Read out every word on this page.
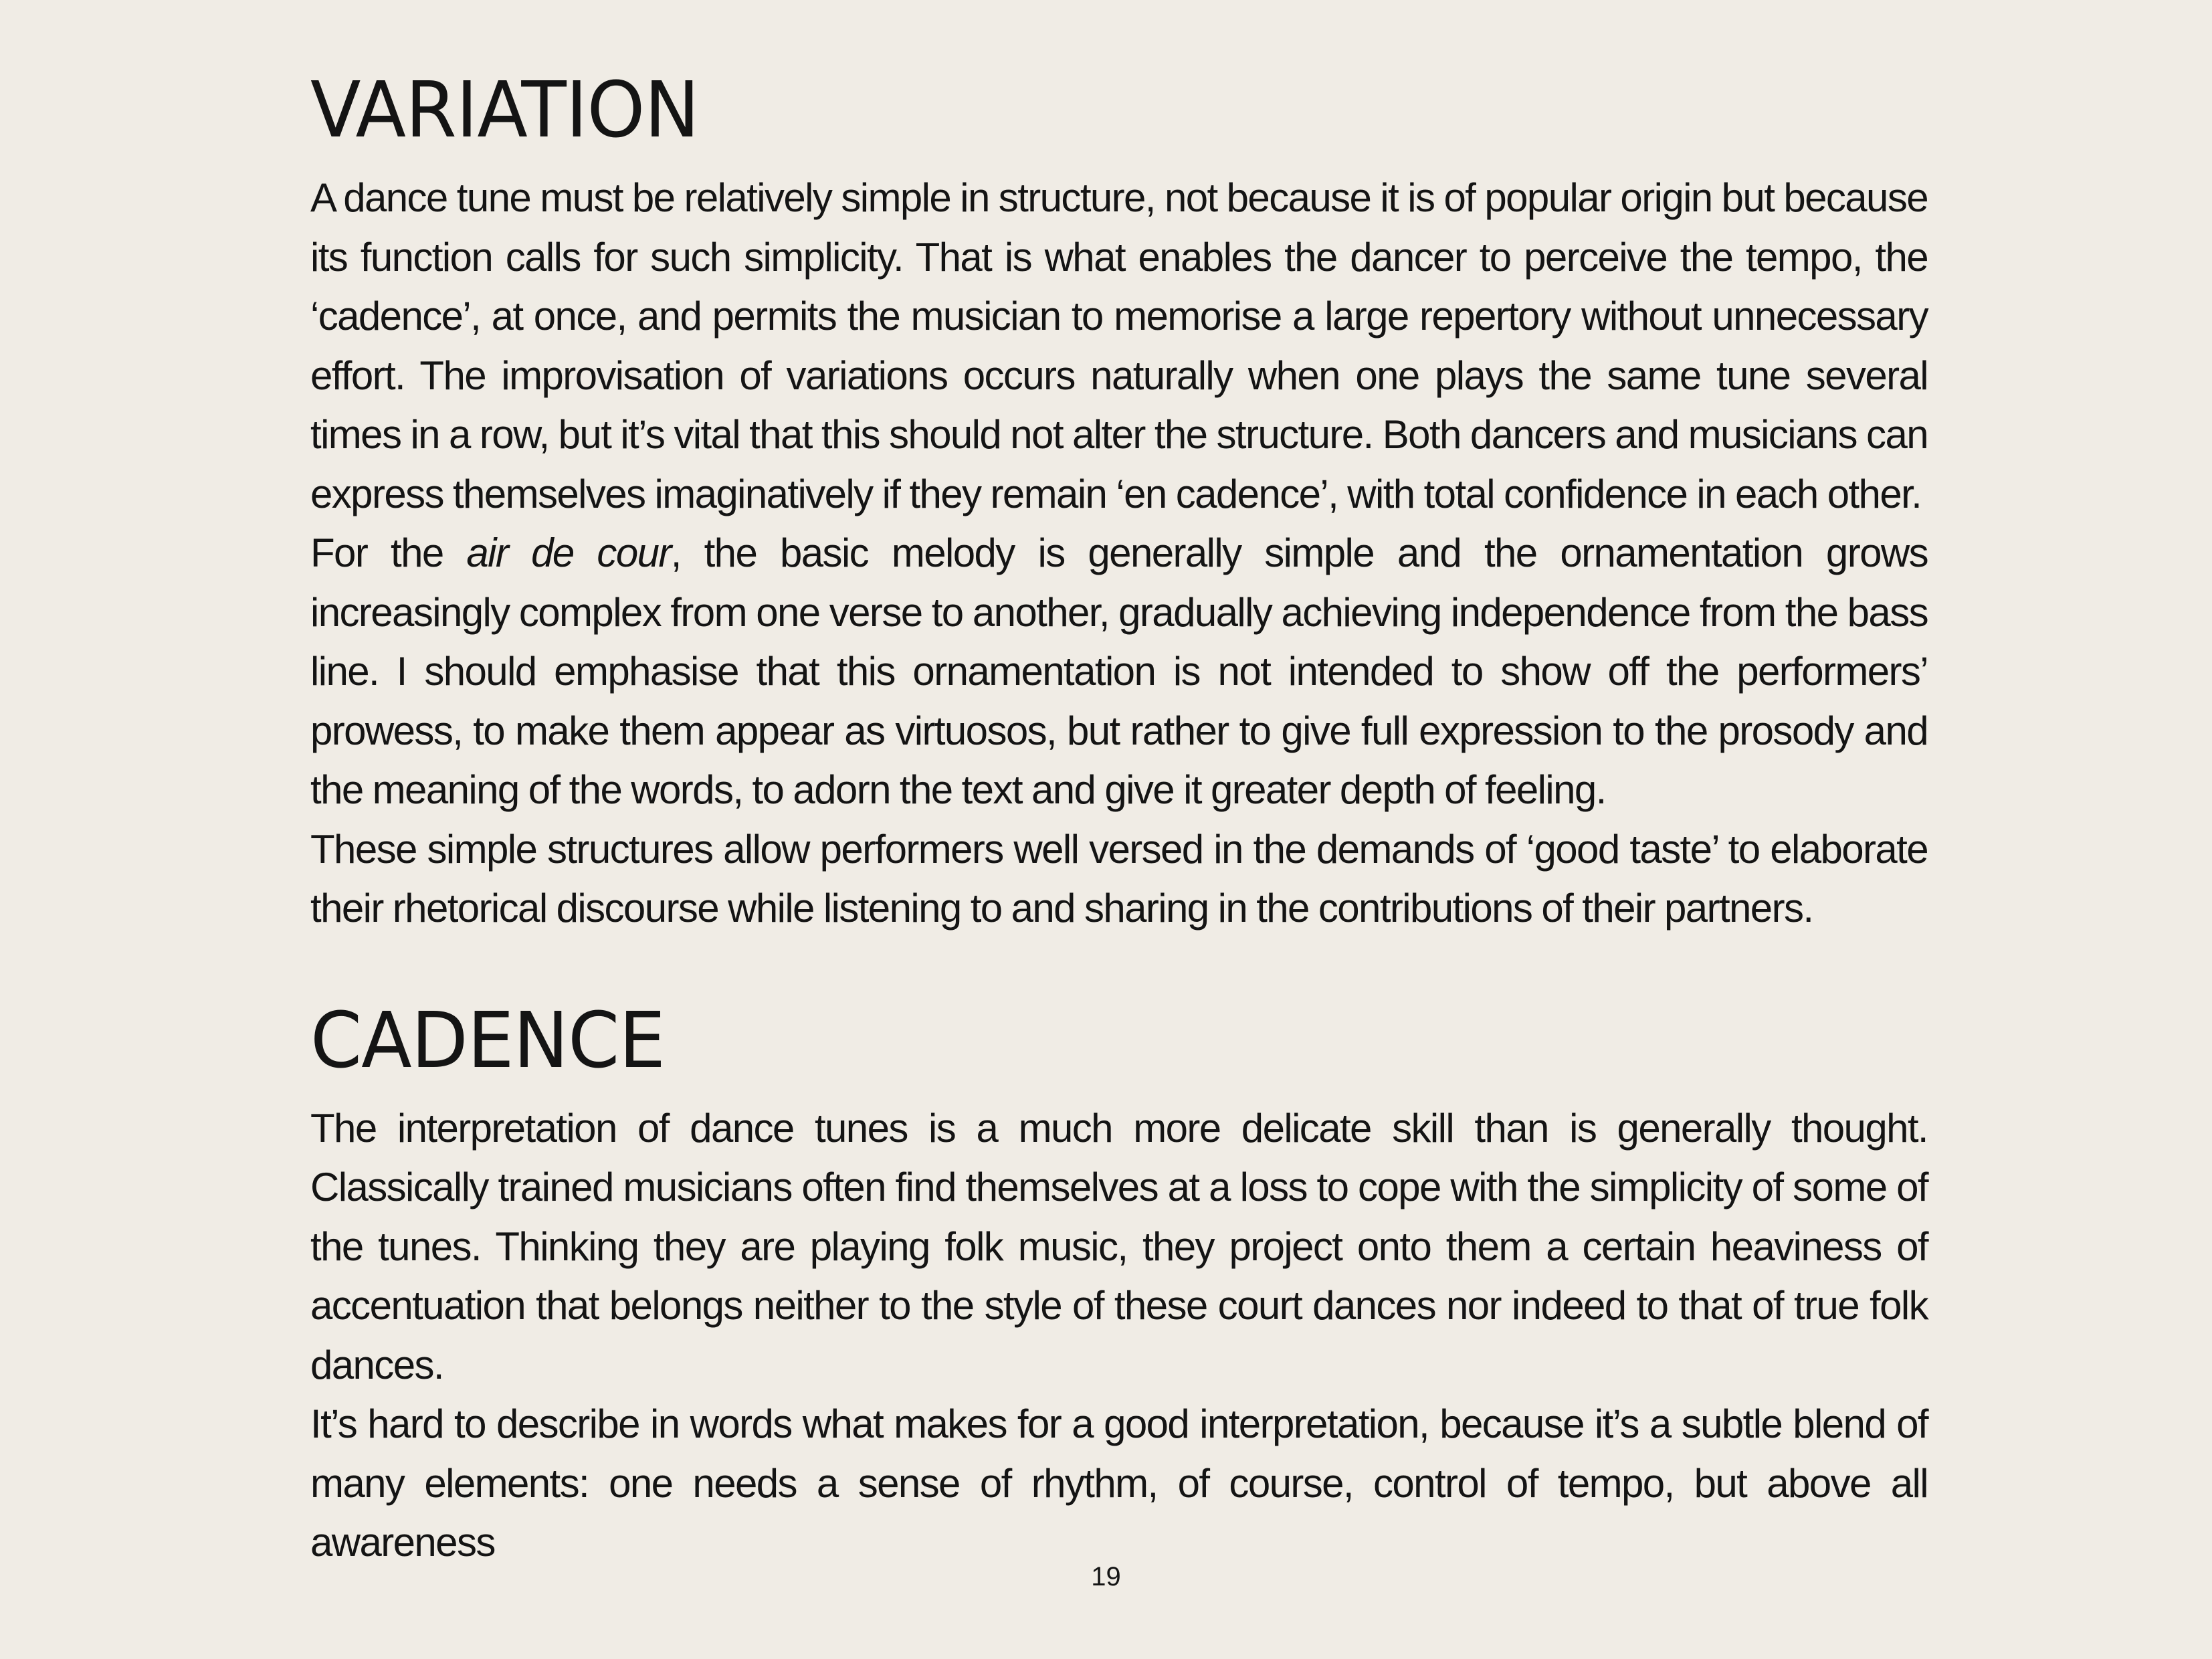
VARIATION

A dance tune must be relatively simple in structure, not because it is of popular origin but because its function calls for such simplicity. That is what enables the dancer to perceive the tempo, the ‘cadence’, at once, and permits the musician to memorise a large repertory without unnecessary effort. The improvisation of variations occurs naturally when one plays the same tune several times in a row, but it’s vital that this should not alter the structure. Both dancers and musicians can express themselves imaginatively if they remain ‘en cadence’, with total confidence in each other.

For the air de cour, the basic melody is generally simple and the ornamentation grows increasingly complex from one verse to another, gradually achieving independence from the bass line. I should emphasise that this ornamentation is not intended to show off the performers’ prowess, to make them appear as virtuosos, but rather to give full expression to the prosody and the meaning of the words, to adorn the text and give it greater depth of feeling.

These simple structures allow performers well versed in the demands of ‘good taste’ to elaborate their rhetorical discourse while listening to and sharing in the contributions of their partners.

CADENCE

The interpretation of dance tunes is a much more delicate skill than is generally thought. Classically trained musicians often find themselves at a loss to cope with the simplicity of some of the tunes. Thinking they are playing folk music, they project onto them a certain heaviness of accentuation that belongs neither to the style of these court dances nor indeed to that of true folk dances.

It’s hard to describe in words what makes for a good interpretation, because it’s a subtle blend of many elements: one needs a sense of rhythm, of course, control of tempo, but above all awareness

19
